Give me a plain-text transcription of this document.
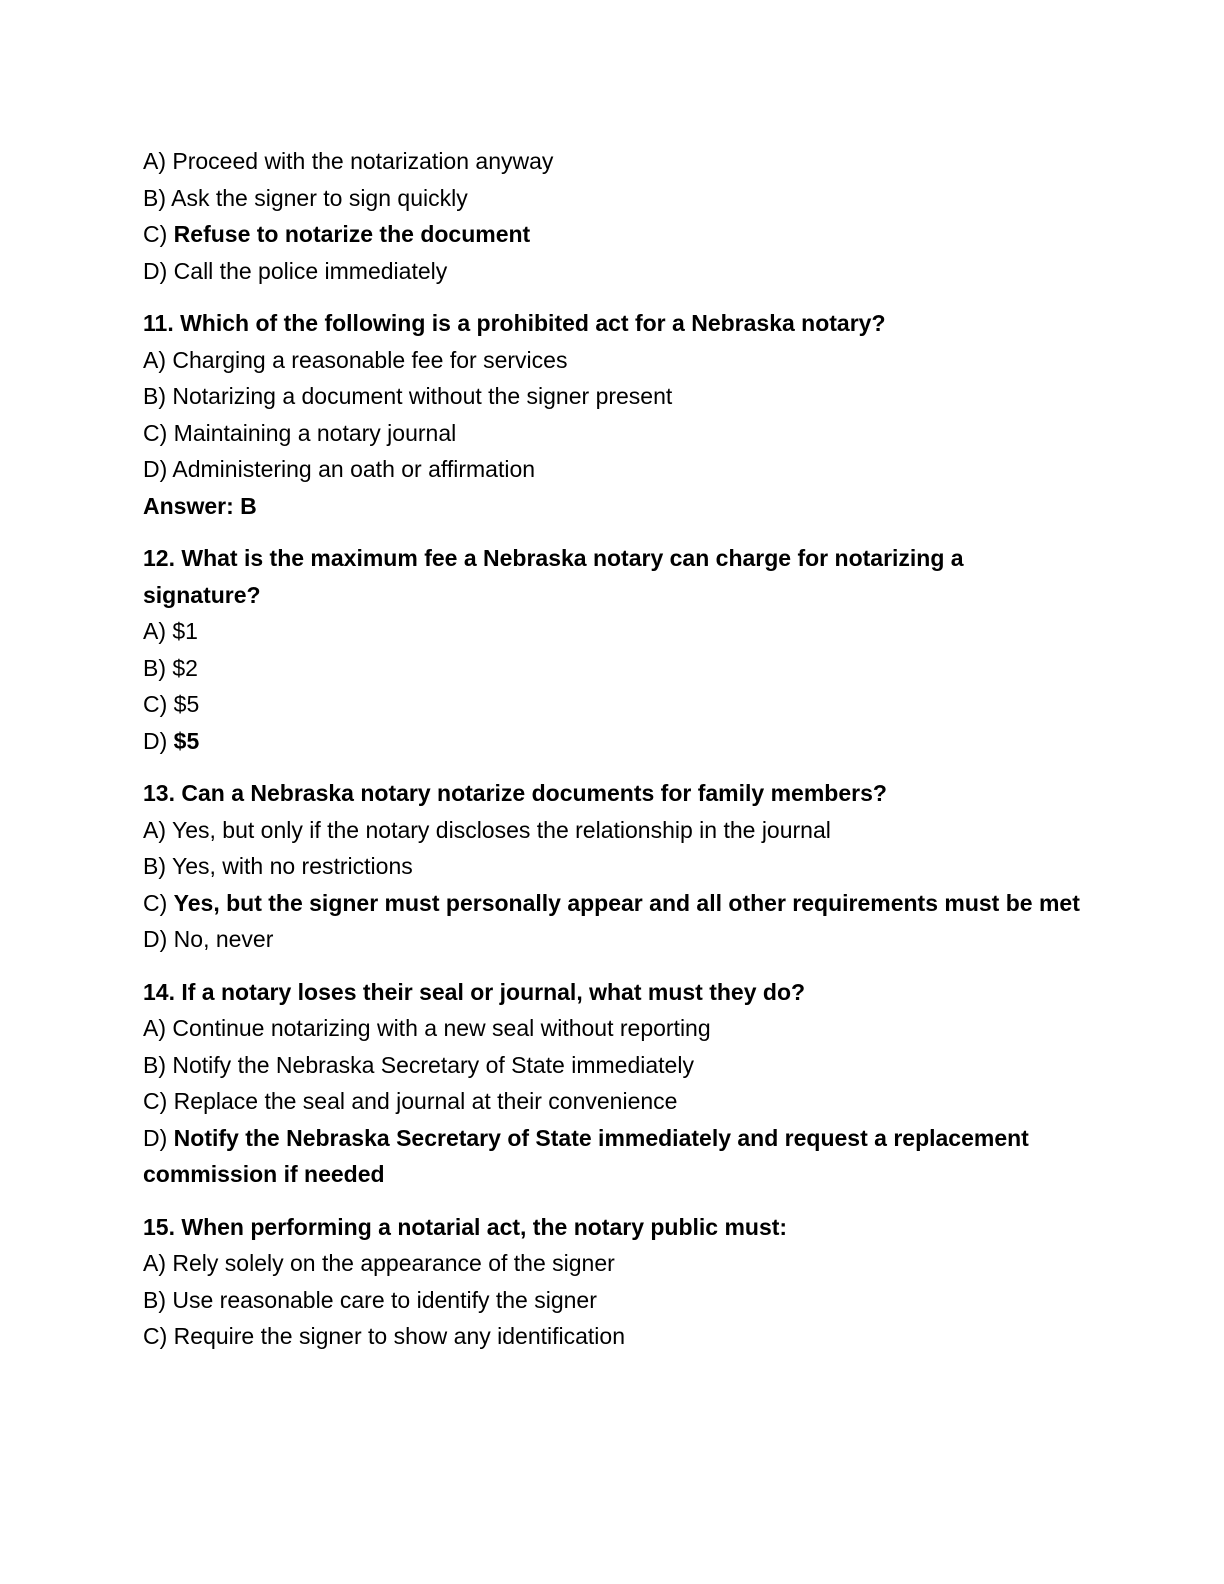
A) Proceed with the notarization anyway

B) Ask the signer to sign quickly

C) Refuse to notarize the document

D) Call the police immediately

11. Which of the following is a prohibited act for a Nebraska notary?

A) Charging a reasonable fee for services

B) Notarizing a document without the signer present

C) Maintaining a notary journal

D) Administering an oath or affirmation

Answer: B

12. What is the maximum fee a Nebraska notary can charge for notarizing a signature?

A) $1

B) $2

C) $5

D) $5

13. Can a Nebraska notary notarize documents for family members?

A) Yes, but only if the notary discloses the relationship in the journal

B) Yes, with no restrictions

C) Yes, but the signer must personally appear and all other requirements must be met

D) No, never

14. If a notary loses their seal or journal, what must they do?

A) Continue notarizing with a new seal without reporting

B) Notify the Nebraska Secretary of State immediately

C) Replace the seal and journal at their convenience

D) Notify the Nebraska Secretary of State immediately and request a replacement commission if needed

15. When performing a notarial act, the notary public must:

A) Rely solely on the appearance of the signer

B) Use reasonable care to identify the signer

C) Require the signer to show any identification
